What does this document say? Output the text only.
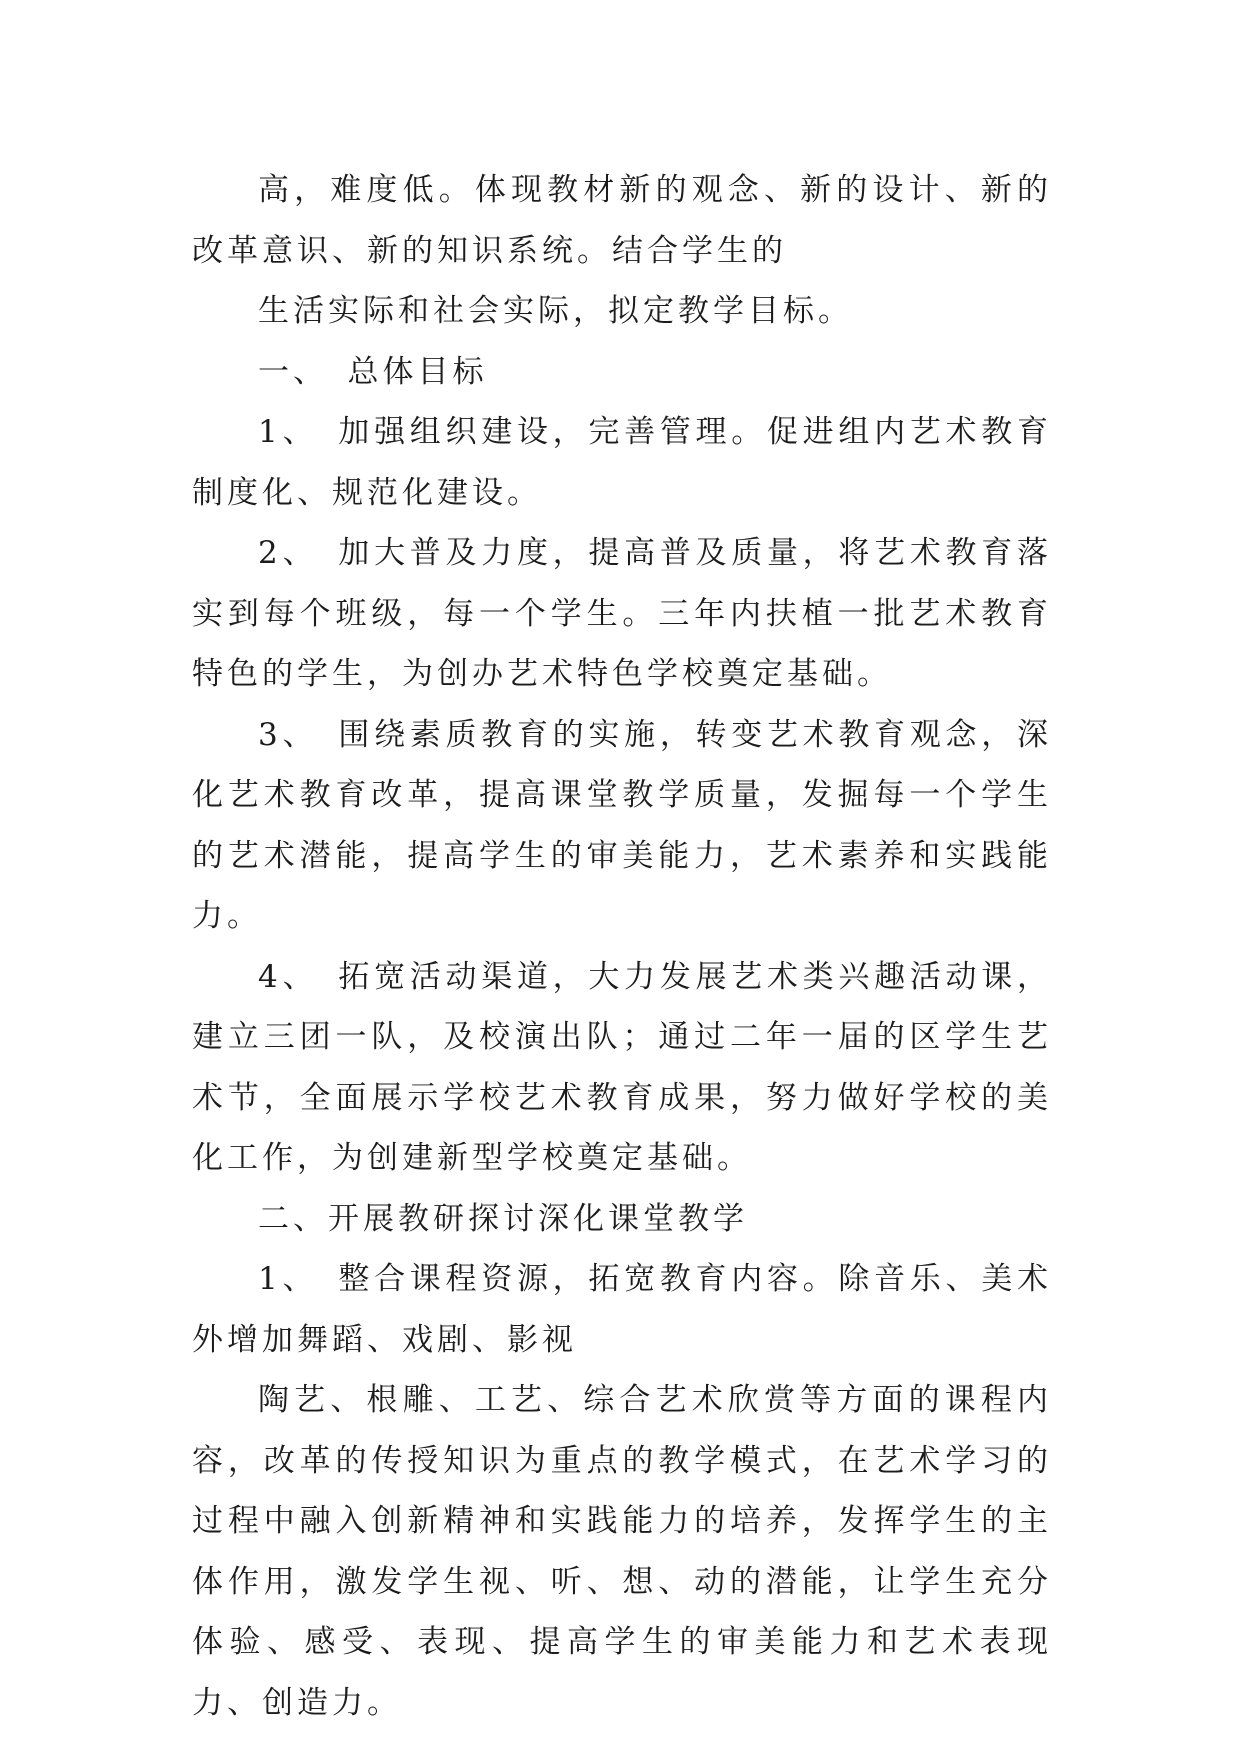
高，难度低。体现教材新的观念、新的设计、新的改革意识、新的知识系统。结合学生的

生活实际和社会实际，拟定教学目标。

一、　总体目标

1、　加强组织建设，完善管理。促进组内艺术教育制度化、规范化建设。

2、　加大普及力度，提高普及质量，将艺术教育落实到每个班级，每一个学生。三年内扶植一批艺术教育特色的学生，为创办艺术特色学校奠定基础。

3、　围绕素质教育的实施，转变艺术教育观念，深化艺术教育改革，提高课堂教学质量，发掘每一个学生的艺术潜能，提高学生的审美能力，艺术素养和实践能力。

4、　拓宽活动渠道，大力发展艺术类兴趣活动课，建立三团一队，及校演出队；通过二年一届的区学生艺术节，全面展示学校艺术教育成果，努力做好学校的美化工作，为创建新型学校奠定基础。

二、开展教研探讨深化课堂教学

1、　整合课程资源，拓宽教育内容。除音乐、美术外增加舞蹈、戏剧、影视

陶艺、根雕、工艺、综合艺术欣赏等方面的课程内容，改革的传授知识为重点的教学模式，在艺术学习的过程中融入创新精神和实践能力的培养，发挥学生的主体作用，激发学生视、听、想、动的潜能，让学生充分体验、感受、表现、提高学生的审美能力和艺术表现力、创造力。
